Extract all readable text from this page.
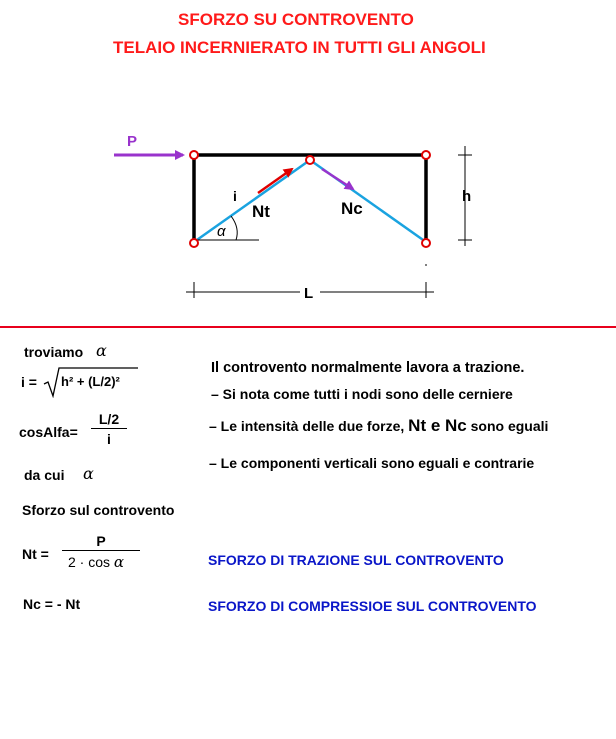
SFORZO SU CONTROVENTO
TELAIO INCERNIERATO IN TUTTI GLI ANGOLI
P
α
i
Nt	Nc
h
L
troviamo α
i = h² + (L/2)²
cosAlfa= $\frac{L/2}{i}$
da cui α
Sforzo sul controvento
$Nt = \frac{P}{\text{2 · cos α}}$
Nc = - Nt
Il controvento normalmente lavora a trazione.
– Si nota come tutti i nodi sono delle cerniere
– Le intensità delle due forze, Nt e Nc sono eguali
– Le componenti verticali sono eguali e contrarie
SFORZO DI TRAZIONE SUL CONTROVENTO
SFORZO DI COMPRESSIOE SUL CONTROVENTO
